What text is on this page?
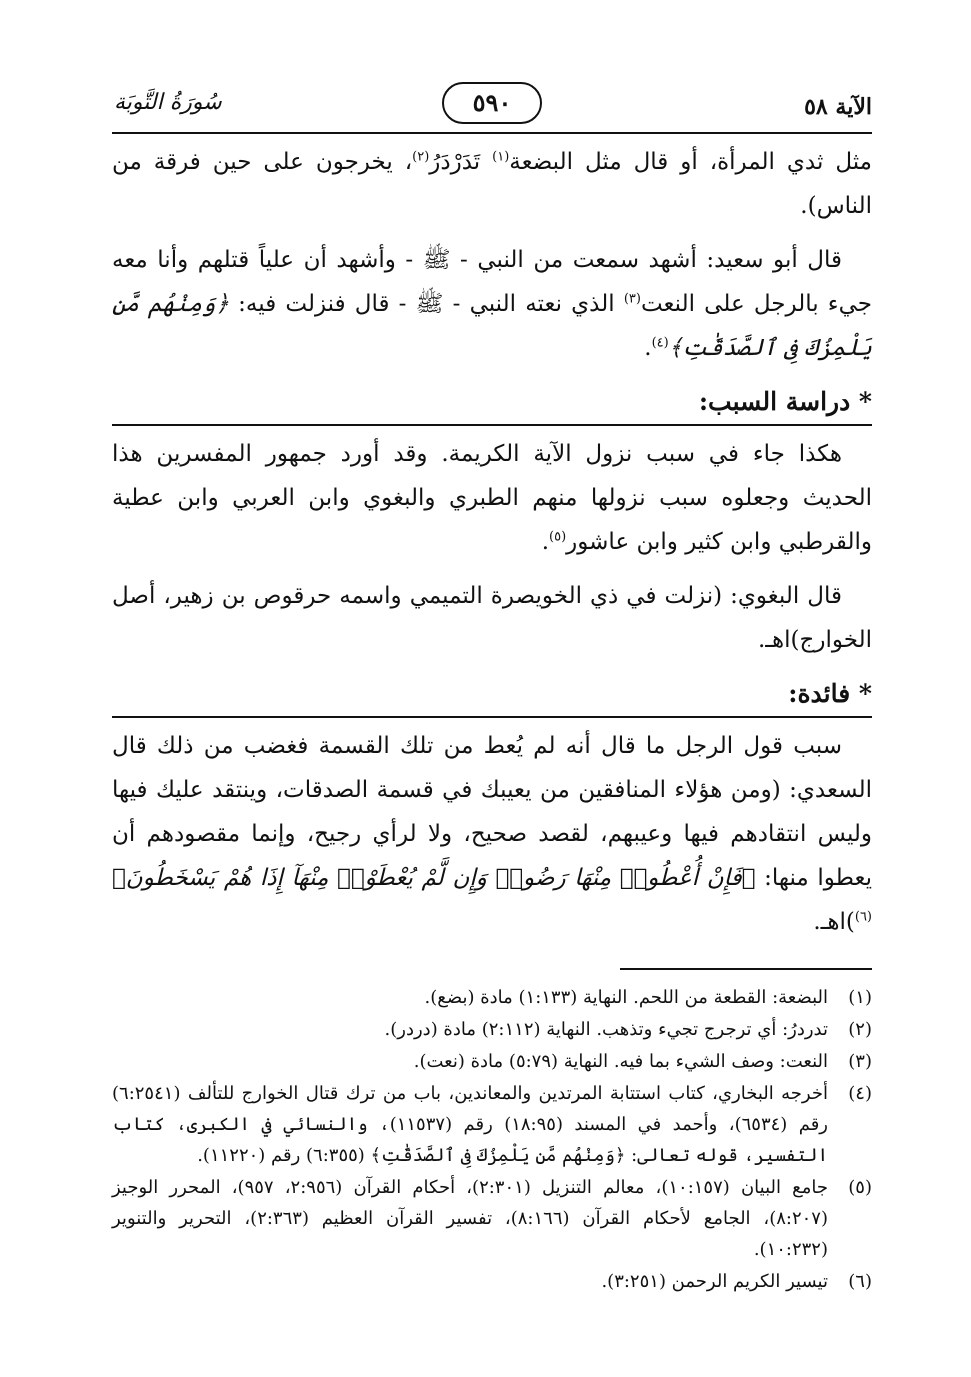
الآية ٥٨
٥٩٠
سُورَةُ التَّوبَة

مثل ثدي المرأة، أو قال مثل البضعة$^{(١)}$ تَدَرْدَرُ$^{(٢)}$، يخرجون على حين فرقة من الناس).

قال أبو سعيد: أشهد سمعت من النبي - ﷺ - وأشهد أن علياً قتلهم وأنا معه جيء بالرجل على النعت$^{(٣)}$ الذي نعته النبي - ﷺ - قال فنزلت فيه: ﴿وَمِنْهُم مَّن يَلْمِزُكَ فِى ٱلصَّدَقَٰتِ﴾$^{(٤)}$.

* دراسة السبب:

هكذا جاء في سبب نزول الآية الكريمة. وقد أورد جمهور المفسرين هذا الحديث وجعلوه سبب نزولها منهم الطبري والبغوي وابن العربي وابن عطية والقرطبي وابن كثير وابن عاشور$^{(٥)}$.

قال البغوي: (نزلت في ذي الخويصرة التميمي واسمه حرقوص بن زهير، أصل الخوارج)اهـ.

* فائدة:

سبب قول الرجل ما قال أنه لم يُعط من تلك القسمة فغضب من ذلك قال السعدي: (ومن هؤلاء المنافقين من يعيبك في قسمة الصدقات، وينتقد عليك فيها وليس انتقادهم فيها وعيبهم، لقصد صحيح، ولا لرأي رجيح، وإنما مقصودهم أن يعطوا منها: ﴿فَإِنْ أُعْطُوا۟ مِنْهَا رَضُوا۟ وَإِن لَّمْ يُعْطَوْا۟ مِنْهَآ إِذَا هُمْ يَسْخَطُونَ﴾$^{(٦)}$)اهـ.

(١)
البضعة: القطعة من اللحم. النهاية (١:١٣٣) مادة (بضع).
(٢)
تدردرُ: أي ترجرج تجيء وتذهب. النهاية (٢:١١٢) مادة (دردر).
(٣)
النعت: وصف الشيء بما فيه. النهاية (٥:٧٩) مادة (نعت).
(٤)
أخرجه البخاري، كتاب استتابة المرتدين والمعاندين، باب من ترك قتال الخوارج للتألف (٦:٢٥٤١) رقم (٦٥٣٤)، وأحمد في المسند (١٨:٩٥) رقم (١١٥٣٧)، والنسائي في الكبرى، كتاب التفسير، قوله تعالى: ﴿وَمِنْهُم مَّن يَلْمِزُكَ فِى ٱلصَّدَقَٰتِ﴾ (٦:٣٥٥) رقم (١١٢٢٠).
(٥)
جامع البيان (١٠:١٥٧)، معالم التنزيل (٢:٣٠١)، أحكام القرآن (٢:٩٥٦، ٩٥٧)، المحرر الوجيز (٨:٢٠٧)، الجامع لأحكام القرآن (٨:١٦٦)، تفسير القرآن العظيم (٢:٣٦٣)، التحرير والتنوير (١٠:٢٣٢).
(٦)
تيسير الكريم الرحمن (٣:٢٥١).
